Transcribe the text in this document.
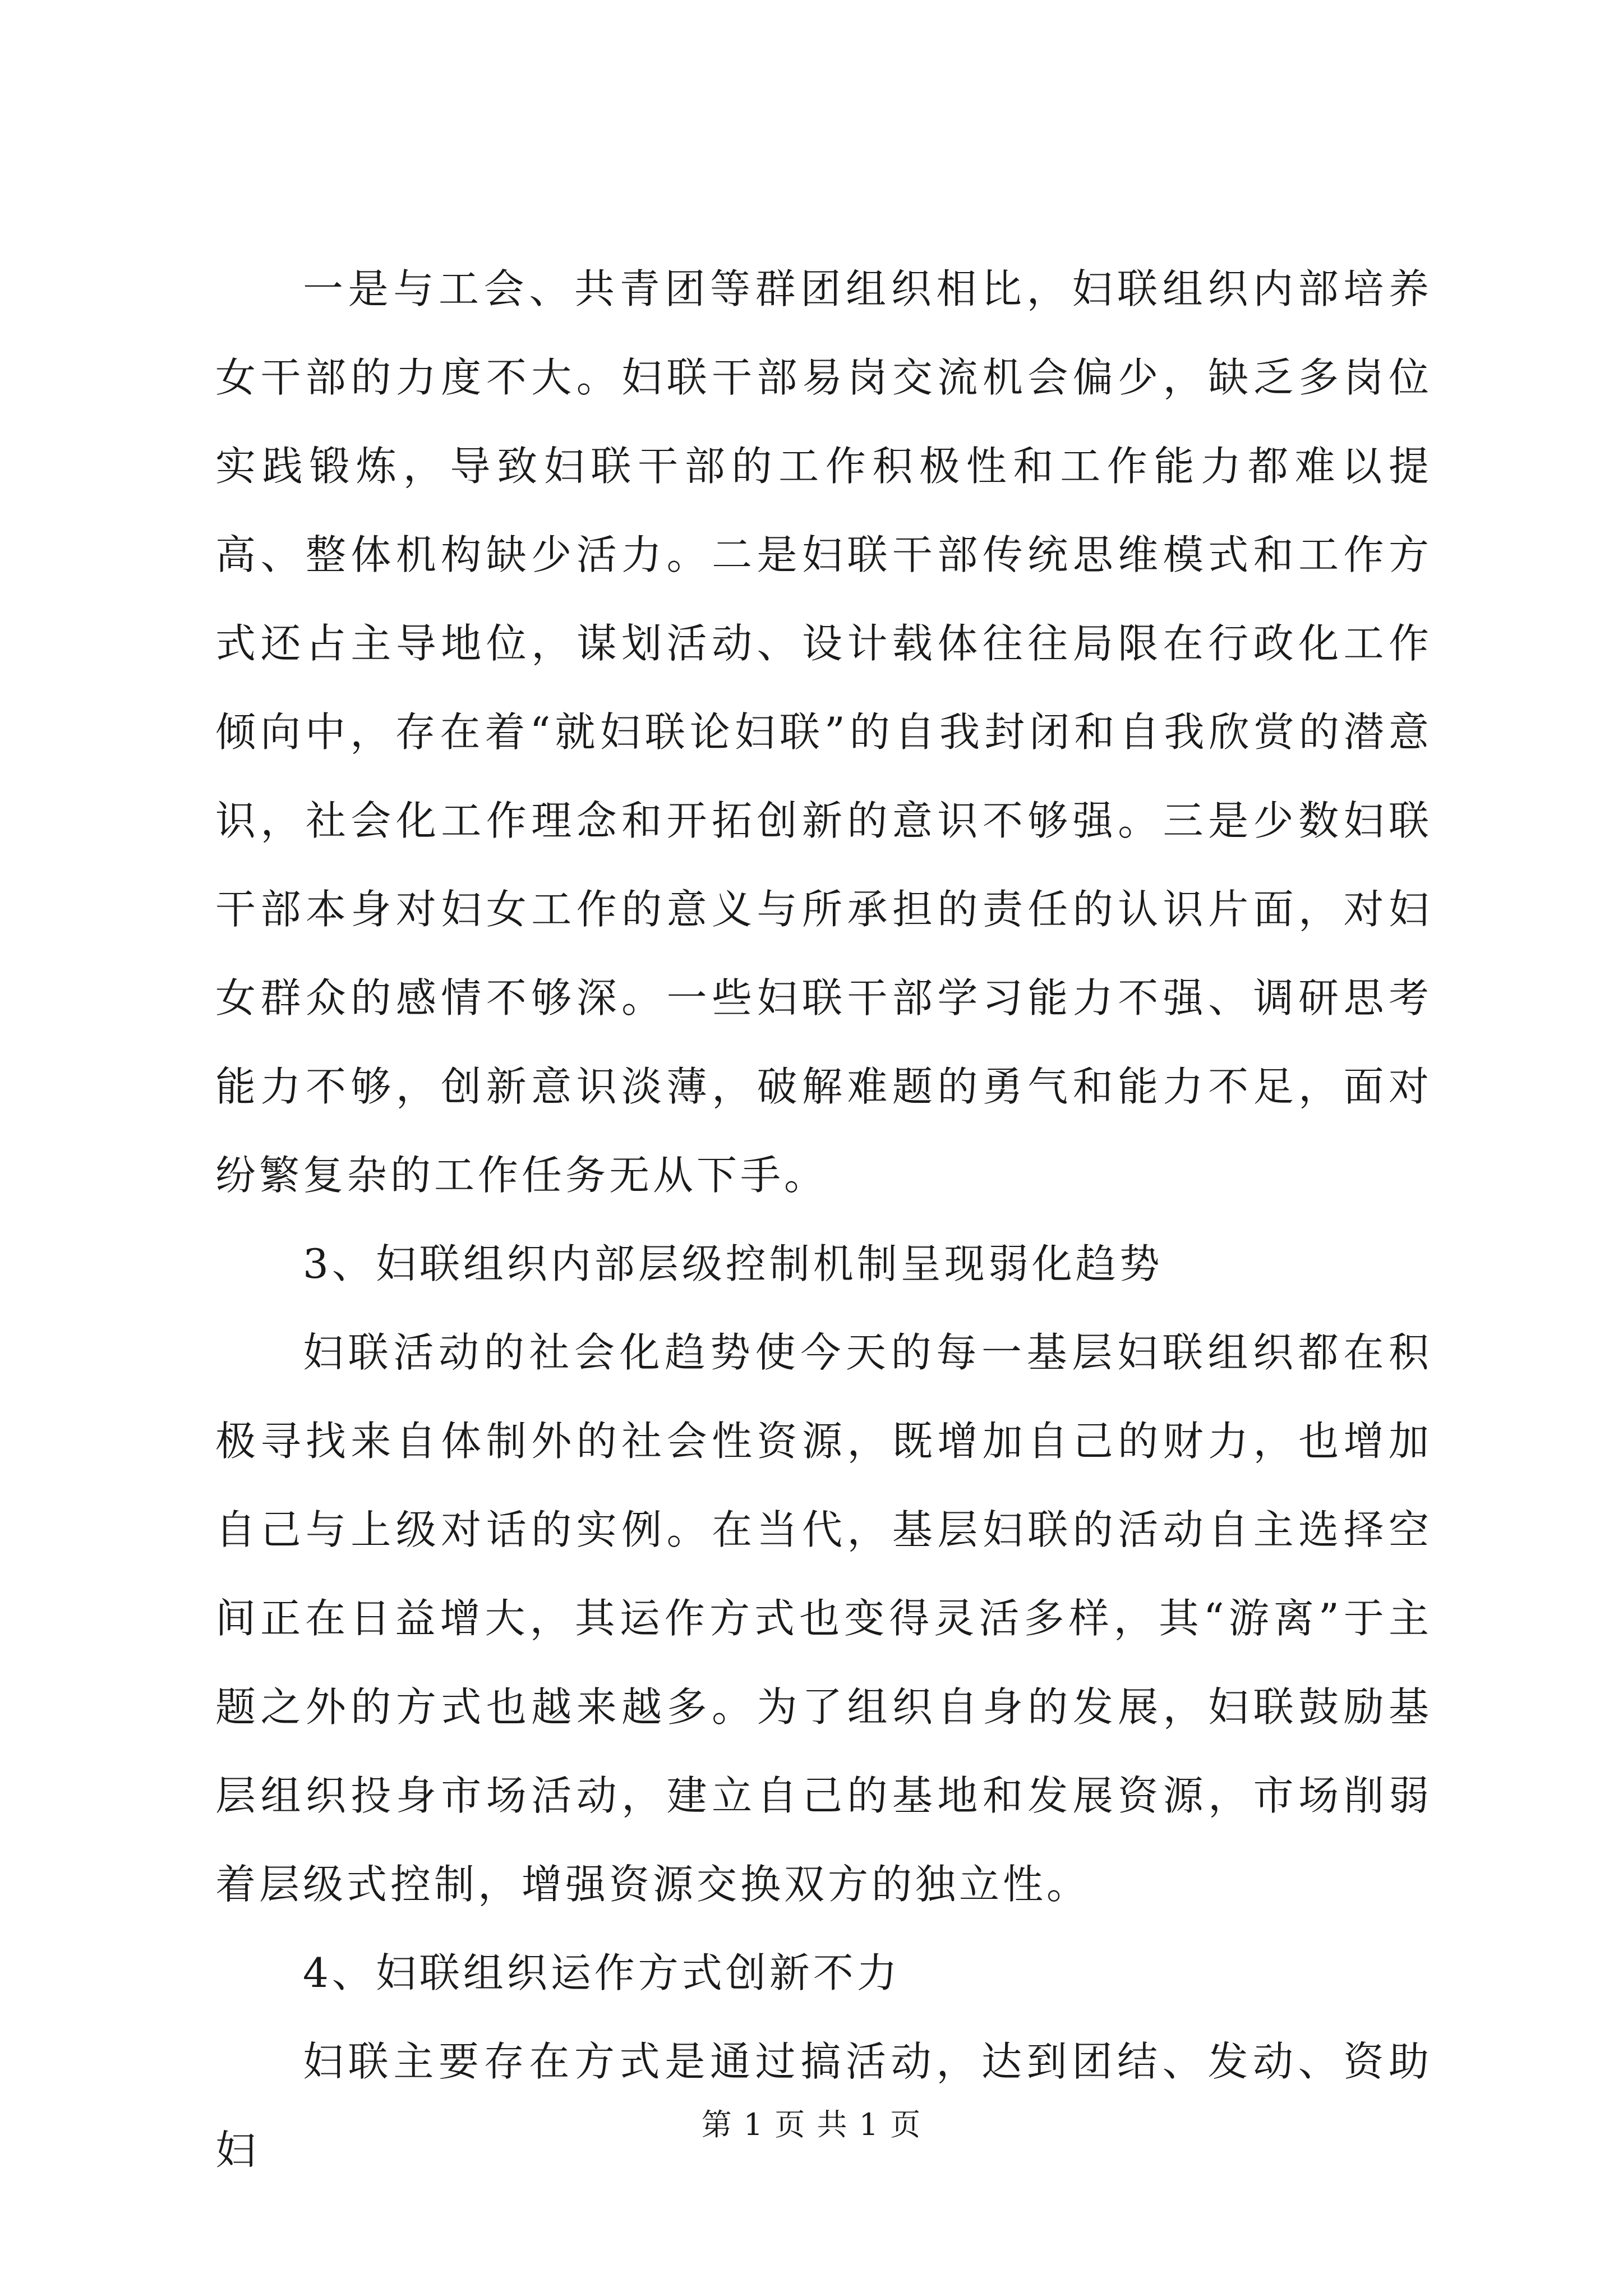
一是与工会、共青团等群团组织相比，妇联组织内部培养女干部的力度不大。妇联干部易岗交流机会偏少，缺乏多岗位实践锻炼，导致妇联干部的工作积极性和工作能力都难以提高、整体机构缺少活力。二是妇联干部传统思维模式和工作方式还占主导地位，谋划活动、设计载体往往局限在行政化工作倾向中，存在着“就妇联论妇联”的自我封闭和自我欣赏的潜意识，社会化工作理念和开拓创新的意识不够强。三是少数妇联干部本身对妇女工作的意义与所承担的责任的认识片面，对妇女群众的感情不够深。一些妇联干部学习能力不强、调研思考能力不够，创新意识淡薄，破解难题的勇气和能力不足，面对纷繁复杂的工作任务无从下手。

3、妇联组织内部层级控制机制呈现弱化趋势

妇联活动的社会化趋势使今天的每一基层妇联组织都在积极寻找来自体制外的社会性资源，既增加自己的财力，也增加自己与上级对话的实例。在当代，基层妇联的活动自主选择空间正在日益增大，其运作方式也变得灵活多样，其“游离”于主题之外的方式也越来越多。为了组织自身的发展，妇联鼓励基层组织投身市场活动，建立自己的基地和发展资源，市场削弱着层级式控制，增强资源交换双方的独立性。

4、妇联组织运作方式创新不力

妇联主要存在方式是通过搞活动，达到团结、发动、资助妇

第 1 页 共 1 页
